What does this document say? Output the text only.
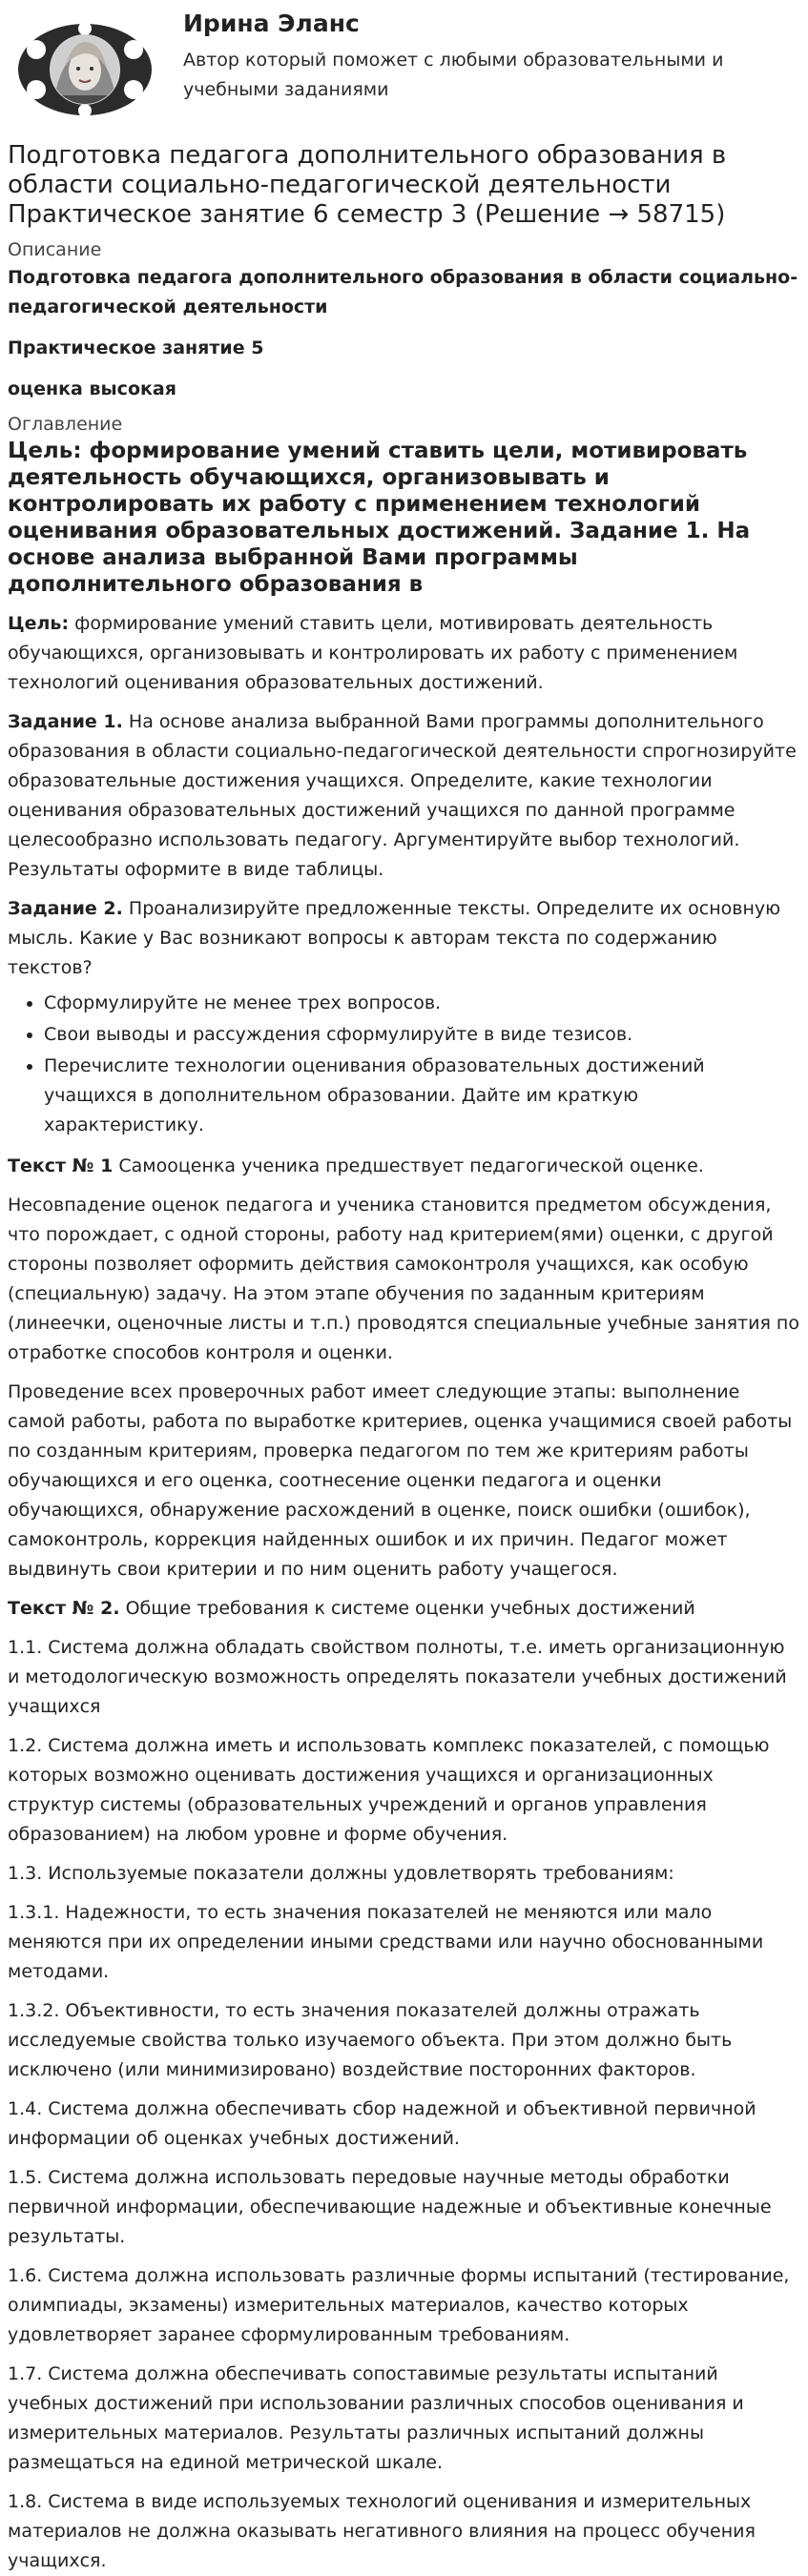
Ирина Эланс

Автор который поможет с любыми образовательными и учебными заданиями

Подготовка педагога дополнительного образования в области социально-педагогической деятельности Практическое занятие 6 семестр 3 (Решение → 58715)
Описание

Подготовка педагога дополнительного образования в области социально-педагогической деятельности

Практическое занятие 5

оценка высокая

Оглавление

Цель: формирование умений ставить цели, мотивировать деятельность обучающихся, организовывать и контролировать их работу с применением технологий оценивания образовательных достижений. Задание 1. На основе анализа выбранной Вами программы дополнительного образования в

Цель: формирование умений ставить цели, мотивировать деятельность обучающихся, организовывать и контролировать их работу с применением технологий оценивания образовательных достижений.

Задание 1. На основе анализа выбранной Вами программы дополнительного образования в области социально-педагогической деятельности спрогнозируйте образовательные достижения учащихся. Определите, какие технологии оценивания образовательных достижений учащихся по данной программе целесообразно использовать педагогу. Аргументируйте выбор технологий. Результаты оформите в виде таблицы.

Задание 2. Проанализируйте предложенные тексты. Определите их основную мысль. Какие у Вас возникают вопросы к авторам текста по содержанию текстов?

• Сформулируйте не менее трех вопросов.
• Свои выводы и рассуждения сформулируйте в виде тезисов.
• Перечислите технологии оценивания образовательных достижений учащихся в дополнительном образовании. Дайте им краткую характеристику.

Текст № 1 Самооценка ученика предшествует педагогической оценке.

Несовпадение оценок педагога и ученика становится предметом обсуждения, что порождает, с одной стороны, работу над критерием(ями) оценки, с другой стороны позволяет оформить действия самоконтроля учащихся, как особую (специальную) задачу. На этом этапе обучения по заданным критериям (линеечки, оценочные листы и т.п.) проводятся специальные учебные занятия по отработке способов контроля и оценки.

Проведение всех проверочных работ имеет следующие этапы: выполнение самой работы, работа по выработке критериев, оценка учащимися своей работы по созданным критериям, проверка педагогом по тем же критериям работы обучающихся и его оценка, соотнесение оценки педагога и оценки обучающихся, обнаружение расхождений в оценке, поиск ошибки (ошибок), самоконтроль, коррекция найденных ошибок и их причин. Педагог может выдвинуть свои критерии и по ним оценить работу учащегося.

Текст № 2. Общие требования к системе оценки учебных достижений

1.1. Система должна обладать свойством полноты, т.е. иметь организационную и методологическую возможность определять показатели учебных достижений учащихся

1.2. Система должна иметь и использовать комплекс показателей, с помощью которых возможно оценивать достижения учащихся и организационных структур системы (образовательных учреждений и органов управления образованием) на любом уровне и форме обучения.

1.3. Используемые показатели должны удовлетворять требованиям:

1.3.1. Надежности, то есть значения показателей не меняются или мало меняются при их определении иными средствами или научно обоснованными методами.

1.3.2. Объективности, то есть значения показателей должны отражать исследуемые свойства только изучаемого объекта. При этом должно быть исключено (или минимизировано) воздействие посторонних факторов.

1.4. Система должна обеспечивать сбор надежной и объективной первичной информации об оценках учебных достижений.

1.5. Система должна использовать передовые научные методы обработки первичной информации, обеспечивающие надежные и объективные конечные результаты.

1.6. Система должна использовать различные формы испытаний (тестирование, олимпиады, экзамены) измерительных материалов, качество которых удовлетворяет заранее сформулированным требованиям.

1.7. Система должна обеспечивать сопоставимые результаты испытаний учебных достижений при использовании различных способов оценивания и измерительных материалов. Результаты различных испытаний должны размещаться на единой метрической шкале.

1.8. Система в виде используемых технологий оценивания и измерительных материалов не должна оказывать негативного влияния на процесс обучения учащихся.
